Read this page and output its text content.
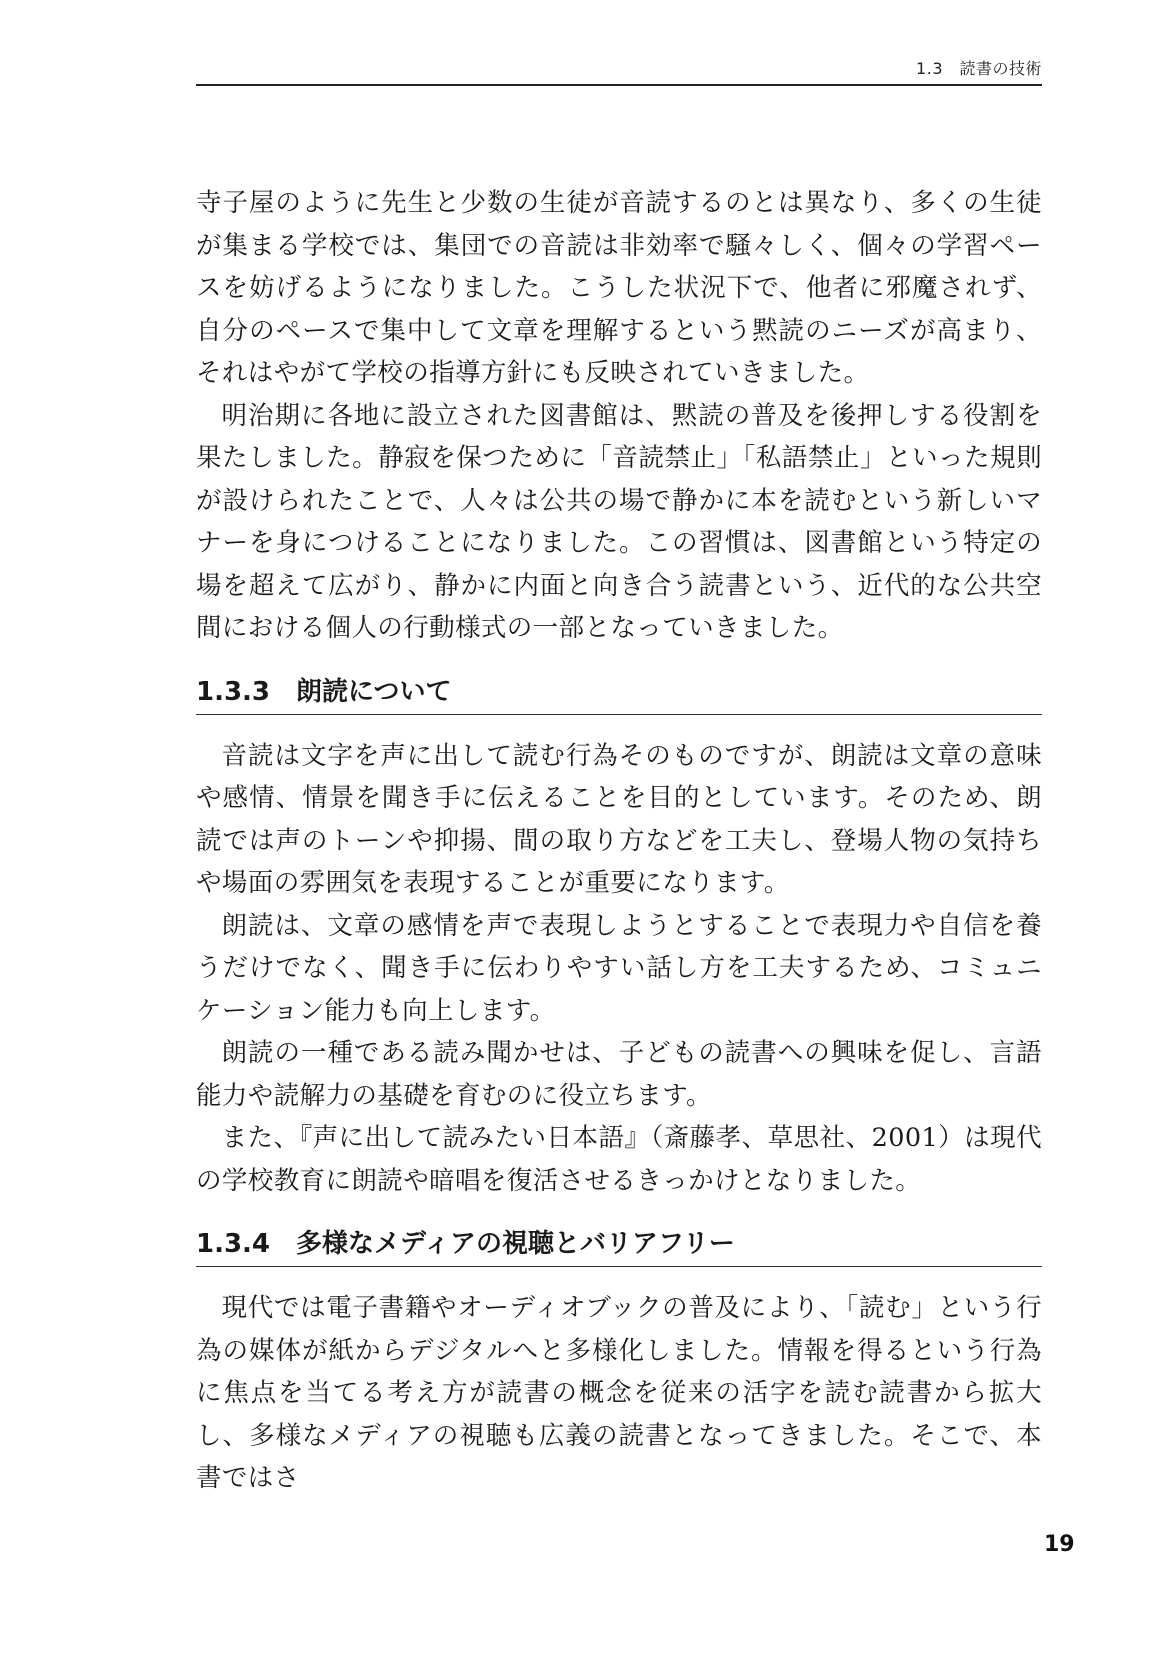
1.3　読書の技術

寺子屋のように先生と少数の生徒が音読するのとは異なり、多くの生徒が集まる学校では、集団での音読は非効率で騒々しく、個々の学習ペースを妨げるようになりました。こうした状況下で、他者に邪魔されず、自分のペースで集中して文章を理解するという黙読のニーズが高まり、それはやがて学校の指導方針にも反映されていきました。

明治期に各地に設立された図書館は、黙読の普及を後押しする役割を果たしました。静寂を保つために「音読禁止」「私語禁止」といった規則が設けられたことで、人々は公共の場で静かに本を読むという新しいマナーを身につけることになりました。この習慣は、図書館という特定の場を超えて広がり、静かに内面と向き合う読書という、近代的な公共空間における個人の行動様式の一部となっていきました。

1.3.3 朗読について

音読は文字を声に出して読む行為そのものですが、朗読は文章の意味や感情、情景を聞き手に伝えることを目的としています。そのため、朗読では声のトーンや抑揚、間の取り方などを工夫し、登場人物の気持ちや場面の雰囲気を表現することが重要になります。

朗読は、文章の感情を声で表現しようとすることで表現力や自信を養うだけでなく、聞き手に伝わりやすい話し方を工夫するため、コミュニケーション能力も向上します。

朗読の一種である読み聞かせは、子どもの読書への興味を促し、言語能力や読解力の基礎を育むのに役立ちます。

また、『声に出して読みたい日本語』（斎藤孝、草思社、2001）は現代の学校教育に朗読や暗唱を復活させるきっかけとなりました。

1.3.4 多様なメディアの視聴とバリアフリー

現代では電子書籍やオーディオブックの普及により、「読む」という行為の媒体が紙からデジタルへと多様化しました。情報を得るという行為に焦点を当てる考え方が読書の概念を従来の活字を読む読書から拡大し、多様なメディアの視聴も広義の読書となってきました。そこで、本書ではさ

19
